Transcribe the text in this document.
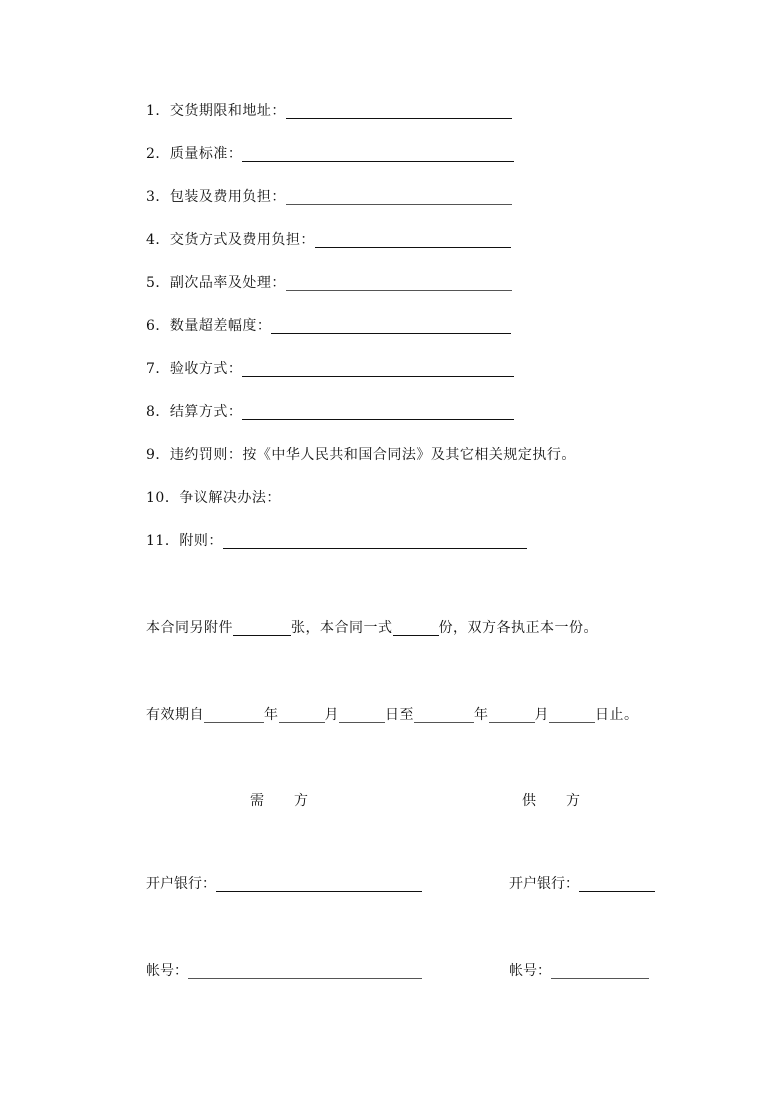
1．交货期限和地址：
2．质量标准：
3．包装及费用负担：
4．交货方式及费用负担：
5．副次品率及处理：
6．数量超差幅度：
7．验收方式：
8．结算方式：
9．违约罚则：按《中华人民共和国合同法》及其它相关规定执行。
10．争议解决办法：
11．附则：
本合同另附件	张，本合同一式	份，双方各执正本一份。
有效期自	年	月	日至	年	月	日止。
需方	供方
开户银行：	开户银行：
帐号：	帐号：
